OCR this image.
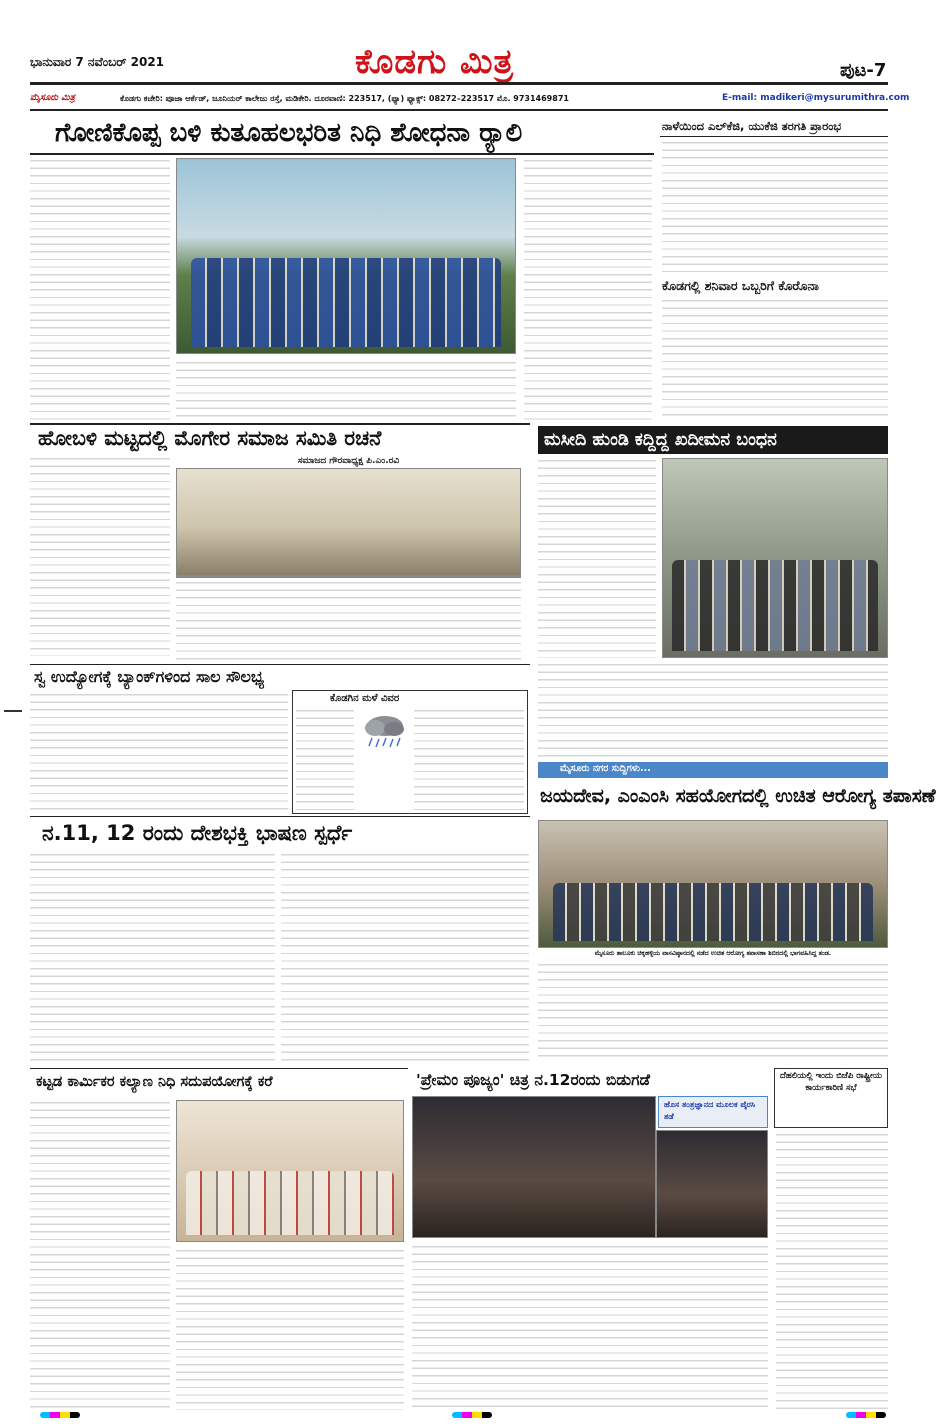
ಭಾನುವಾರ 7 ನವೆಂಬರ್ 2021	ಕೊಡಗು ಮಿತ್ರ	ಪುಟ-7
ಮೈಸೂರು ಮಿತ್ರ	ಕೊಡಗು ಕಚೇರಿ: ಪೂಜಾ ಆರ್ಕೆಡ್, ಜೂನಿಯರ್ ಕಾಲೇಜು ರಸ್ತೆ, ಮಡಿಕೇರಿ. ದೂರವಾಣಿ: 223517, (ಫ್ಯಾ) ಫ್ಯಾಕ್ಸ್: 08272–223517 ಮೊ. 9731469871	E-mail: madikeri@mysurumithra.com
ಗೋಣಿಕೊಪ್ಪ ಬಳಿ ಕುತೂಹಲಭರಿತ ನಿಧಿ ಶೋಧನಾ ರ್‍ಯಾಲಿ	ನಾಳೆಯಿಂದ ಎಲ್‌ಕೆಜಿ, ಯುಕೆಜಿ ತರಗತಿ ಪ್ರಾರಂಭ
ಕೊಡಗಲ್ಲಿ ಶನಿವಾರ ಒಬ್ಬರಿಗೆ ಕೊರೊನಾ
ಹೋಬಳಿ ಮಟ್ಟದಲ್ಲಿ ಮೊಗೇರ ಸಮಾಜ ಸಮಿತಿ ರಚನೆ
ಸಮಾಜದ ಗೌರವಾಧ್ಯಕ್ಷ ಪಿ.ಎಂ.ರವಿ
ಮಸೀದಿ ಹುಂಡಿ ಕದ್ದಿದ್ದ ಖದೀಮನ ಬಂಧನ
ಸ್ವ ಉದ್ಯೋಗಕ್ಕೆ ಬ್ಯಾಂಕ್‌ಗಳಿಂದ ಸಾಲ ಸೌಲಭ್ಯ
ಕೊಡಗಿನ ಮಳೆ ವಿವರ
ಮೈಸೂರು ನಗರ ಸುದ್ದಿಗಳು...
ಜಯದೇವ, ಎಂಎಂಸಿ ಸಹಯೋಗದಲ್ಲಿ ಉಚಿತ ಆರೋಗ್ಯ ತಪಾಸಣೆ
ನ.11, 12 ರಂದು ದೇಶಭಕ್ತಿ ಭಾಷಣ ಸ್ಪರ್ಧೆ
ಕಟ್ಟಡ ಕಾರ್ಮಿಕರ ಕಲ್ಯಾಣ ನಿಧಿ ಸದುಪಯೋಗಕ್ಕೆ ಕರೆ	'ಪ್ರೇಮಂ ಪೂಜ್ಯಂ' ಚಿತ್ರ ನ.12ರಂದು ಬಿಡುಗಡೆ
ಹೊಸ ತಂತ್ರಜ್ಞಾನದ ಮೂಲಕ ಪೈರಸಿ ತಡೆ
ದೆಹಲಿಯಲ್ಲಿ ಇಂದು ಬಿಜೆಪಿ ರಾಷ್ಟ್ರೀಯ ಕಾರ್ಯಕಾರಿಣಿ ಸಭೆ
ಮೈಸೂರು ತಾಲೂಕು ಚಿಕ್ಕಹಳ್ಳಿಯ ವಾಸವಿಷ್ಠಾನದಲ್ಲಿ ನಡೆದ ಉಚಿತ ಆರೋಗ್ಯ ತಪಾಸಣಾ ಶಿಬಿರದಲ್ಲಿ ಭಾಗವಹಿಸಿದ್ದ ತಂಡ.
